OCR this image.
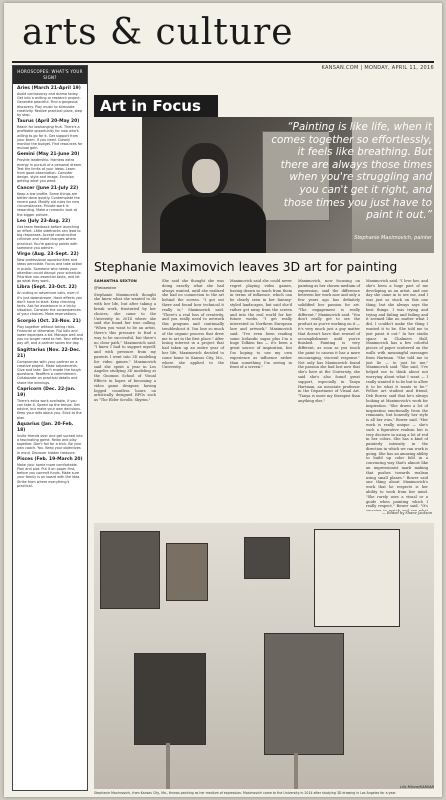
arts & culture
KANSAN.COM | MONDAY, APRIL 11, 2016
HOROSCOPES: WHAT'S YOUR SIGN?
Aries (March 21-April 19)
Avoid controversy and drama today. Get into a writing or research project. Generate peaceful. Find a gorgeous discovery. Play music to stimulate creativity. Realize practical plans, step by step.
Taurus (April 20-May 20)
Reach for lowhanging fruit. There's a profitable opportunity for now who's willing to go for it. Get support from your team. If you need. Closely monitor the budget. Find resources for mutual gain.
Gemini (May 21-June 20)
Provide leadership. Harness extra energy in pursuit of a personal dream. Test the limits of your ideas. Learn from good observation. Consider design, style and image. Envision getting what you want.
Cancer (June 21-July 22)
Keep a low profile. Some things are better done quietly. Contemplate the recent past. Modify old rules for new circumstances. Private work is rewarding. Make a romantic look at the bigger picture.
Leo (July 23-Aug. 22)
Get team feedback before launching an effort. Little sidetracks can lead to big responses. Accept constructive criticism and make changes where practical. You're gaining points with someone you admire.
Virgo (Aug. 23-Sept. 22)
New professional opportunities and ideas percolate. Focus and take action in public. Someone who needs your attention could disrupt your schedule. Prioritize non-essential tasks, and let go what they want.
Libra (Sept. 23-Oct. 22)
An outing or adventure calls, even if it's just downstream. Have effects you don't have to start. Keep checking facts. Ask for assistance in a tricky situation. Consider the consequences of your choices. Make reservations.
Scorpio (Oct. 23-Nov. 21)
Play together without taking risks. Financial or otherwise. Flip bills and lower expenses a bit. Manage well and you no longer need to fret. Your efforts pay off, and a partner saves the day.
Sagittarius (Nov. 22-Dec. 21)
Compromise with your partner on a creative project. Make adjustments. Give and take. Don't evade the tough questions. Reaffirm a commitment. Collaborate on practical details and share the winnings.
Capricorn (Dec. 22-Jan. 19)
There's extra work available, if you can take it. Speed up the tempo. Get advice, but make your own decisions. Keep your wits about you. Stick to the plan.
Aquarius (Jan. 20-Feb. 18)
Invite friends over and get sucked into a fascinating game. Relax and play together. Don't fall for a trick. Be your own coach. You. Keep your objectives in mind. Discover hidden treasure.
Pisces (Feb. 19-March 20)
Make your home more comfortable. Plan and plot. Put it on paper first, before you commit funds. Make sure your family is on board with the idea. Strike from where everything's practical.
Art in Focus
“Painting is like life, when it comes together so effortlessly, it feels like breathing. But there are always those times when you're struggling and you can't get it right, and those times you just have to paint it out.”
Stephanie Maximovich, painter
Stephanie Maximovich leaves 3D art for painting
SAMANTHA SEXTON
@lebsexton
Stephanie Maximovich thought she knew what she wanted to do with her life, but after taking a break work, frustrated by her choices, she came to the University in 2014 where she said she found her true calling. "When you want to be an artist, there's this pressure to find a way to be successful, but there's no clear path," Maximovich said. "I knew I had to support myself, and with pressure from my parents I went into 3D modeling for video games." Maximovich said she spent a year in Los Angeles studying 3D modeling at the Gnomon School of Visual Effects in hopes of becoming a video game designer, having logged countless hours on artistically designed RPGs such as "The Elder Scrolls: Skyrim."
She said she thought she was doing exactly what she had always wanted, until she realized she had no connection to the art behind the screen. "I got out there and found how technical it really is," Maximovich said. "There's a real loss of creativity, and you really need to network this program and continually troubleshoot it. You lose so much of the organic process that drew me to art in the first place." After losing interest in a project that had taken up an entire year of her life, Maximovich decided to come home to Kansas City, Mo., where she applied to the University.
Maximovich said she could never regret playing video games, having drawn so much from them in terms of influence, which can be clearly seen in her fantasy-styled landscapes, but said she'd rather get away from the screen and into the real world for her future works. "I get really interested in Northern European lore and artwork," Maximovich said. "I've even been reading some Icelandic sagas plus I'm a huge Tolkien fan — it's been a great source of inspiration, but I'm hoping to use my own experience as influence rather than something I'm seeing in front of a screen."
Maximovich, now focusing on painting as her chosen medium of expression, said the difference between her work now and only a few years ago has definitely solidified her passion for art. "The engagement is really different," Maximovich said. "You don't really get to see the product as you're working on it — it's very much just a guy matter that doesn't have that reward of accomplishment until you're finished. Painting is very different; as soon as you touch the paint to canvas it has a more encouraging, visceral response." Not only has Maximovich found the passion she had lost now that she's here at the University, she said she's also found great support, especially in Tanya Hartman, an associate professor in the Department of Visual Art. "Tanya is more my therapist than anything else,"
Maximovich said. "I love her, and she's been a huge part of me developing as an artist, and one day she came in to see me, and I was just so stuck on this one thing, but she always says the best things. I was trying and trying and failing and failing and it seemed like no matter what I did, I couldn't make the thing I wanted it to be. She told me to just paint it out." In her studio space in Chalmers Hall, Maximovich has a few colorful pieces of paper scattered on the walls with meaningful messages from Hartman. "She told me to just lie — to just be me," Maximovich said. "She said, 'I've helped me to think about not worrying about what I want — I really wanted it to be but to allow it to be what it wants to be.'" Fellow art student and friend, Deb Bower, said that he's always looking at Maximovich's work for inspiration. "She draws a lot of inspiration emotionally from the remnants, but honestly her style is all her own," Bower said. "Her work is really unique — she's such a figurative realism but is very decisive in using a lot of red in her colors. She has a kind of painterly intensity in the direction in which we can work is going. She has an amazing ability to build up color fold in a convincing way that's almost like an impressionist mark making that pushes towards realism using small planes." Bower said one thing about Maximovich's work that he respects is her ability to work from her mind. "She rarely uses a visual or a guide when painting which I really respect," Bower said. "It's
— Edited by Shane Jackson
Lilly Milone/KANSAN
Stephanie Maximovich, from Kansas City, Mo., throws painting as her medium of expression. Maximovich came to the University in 2014 after studying 3D drawing in Los Angeles for a year.
